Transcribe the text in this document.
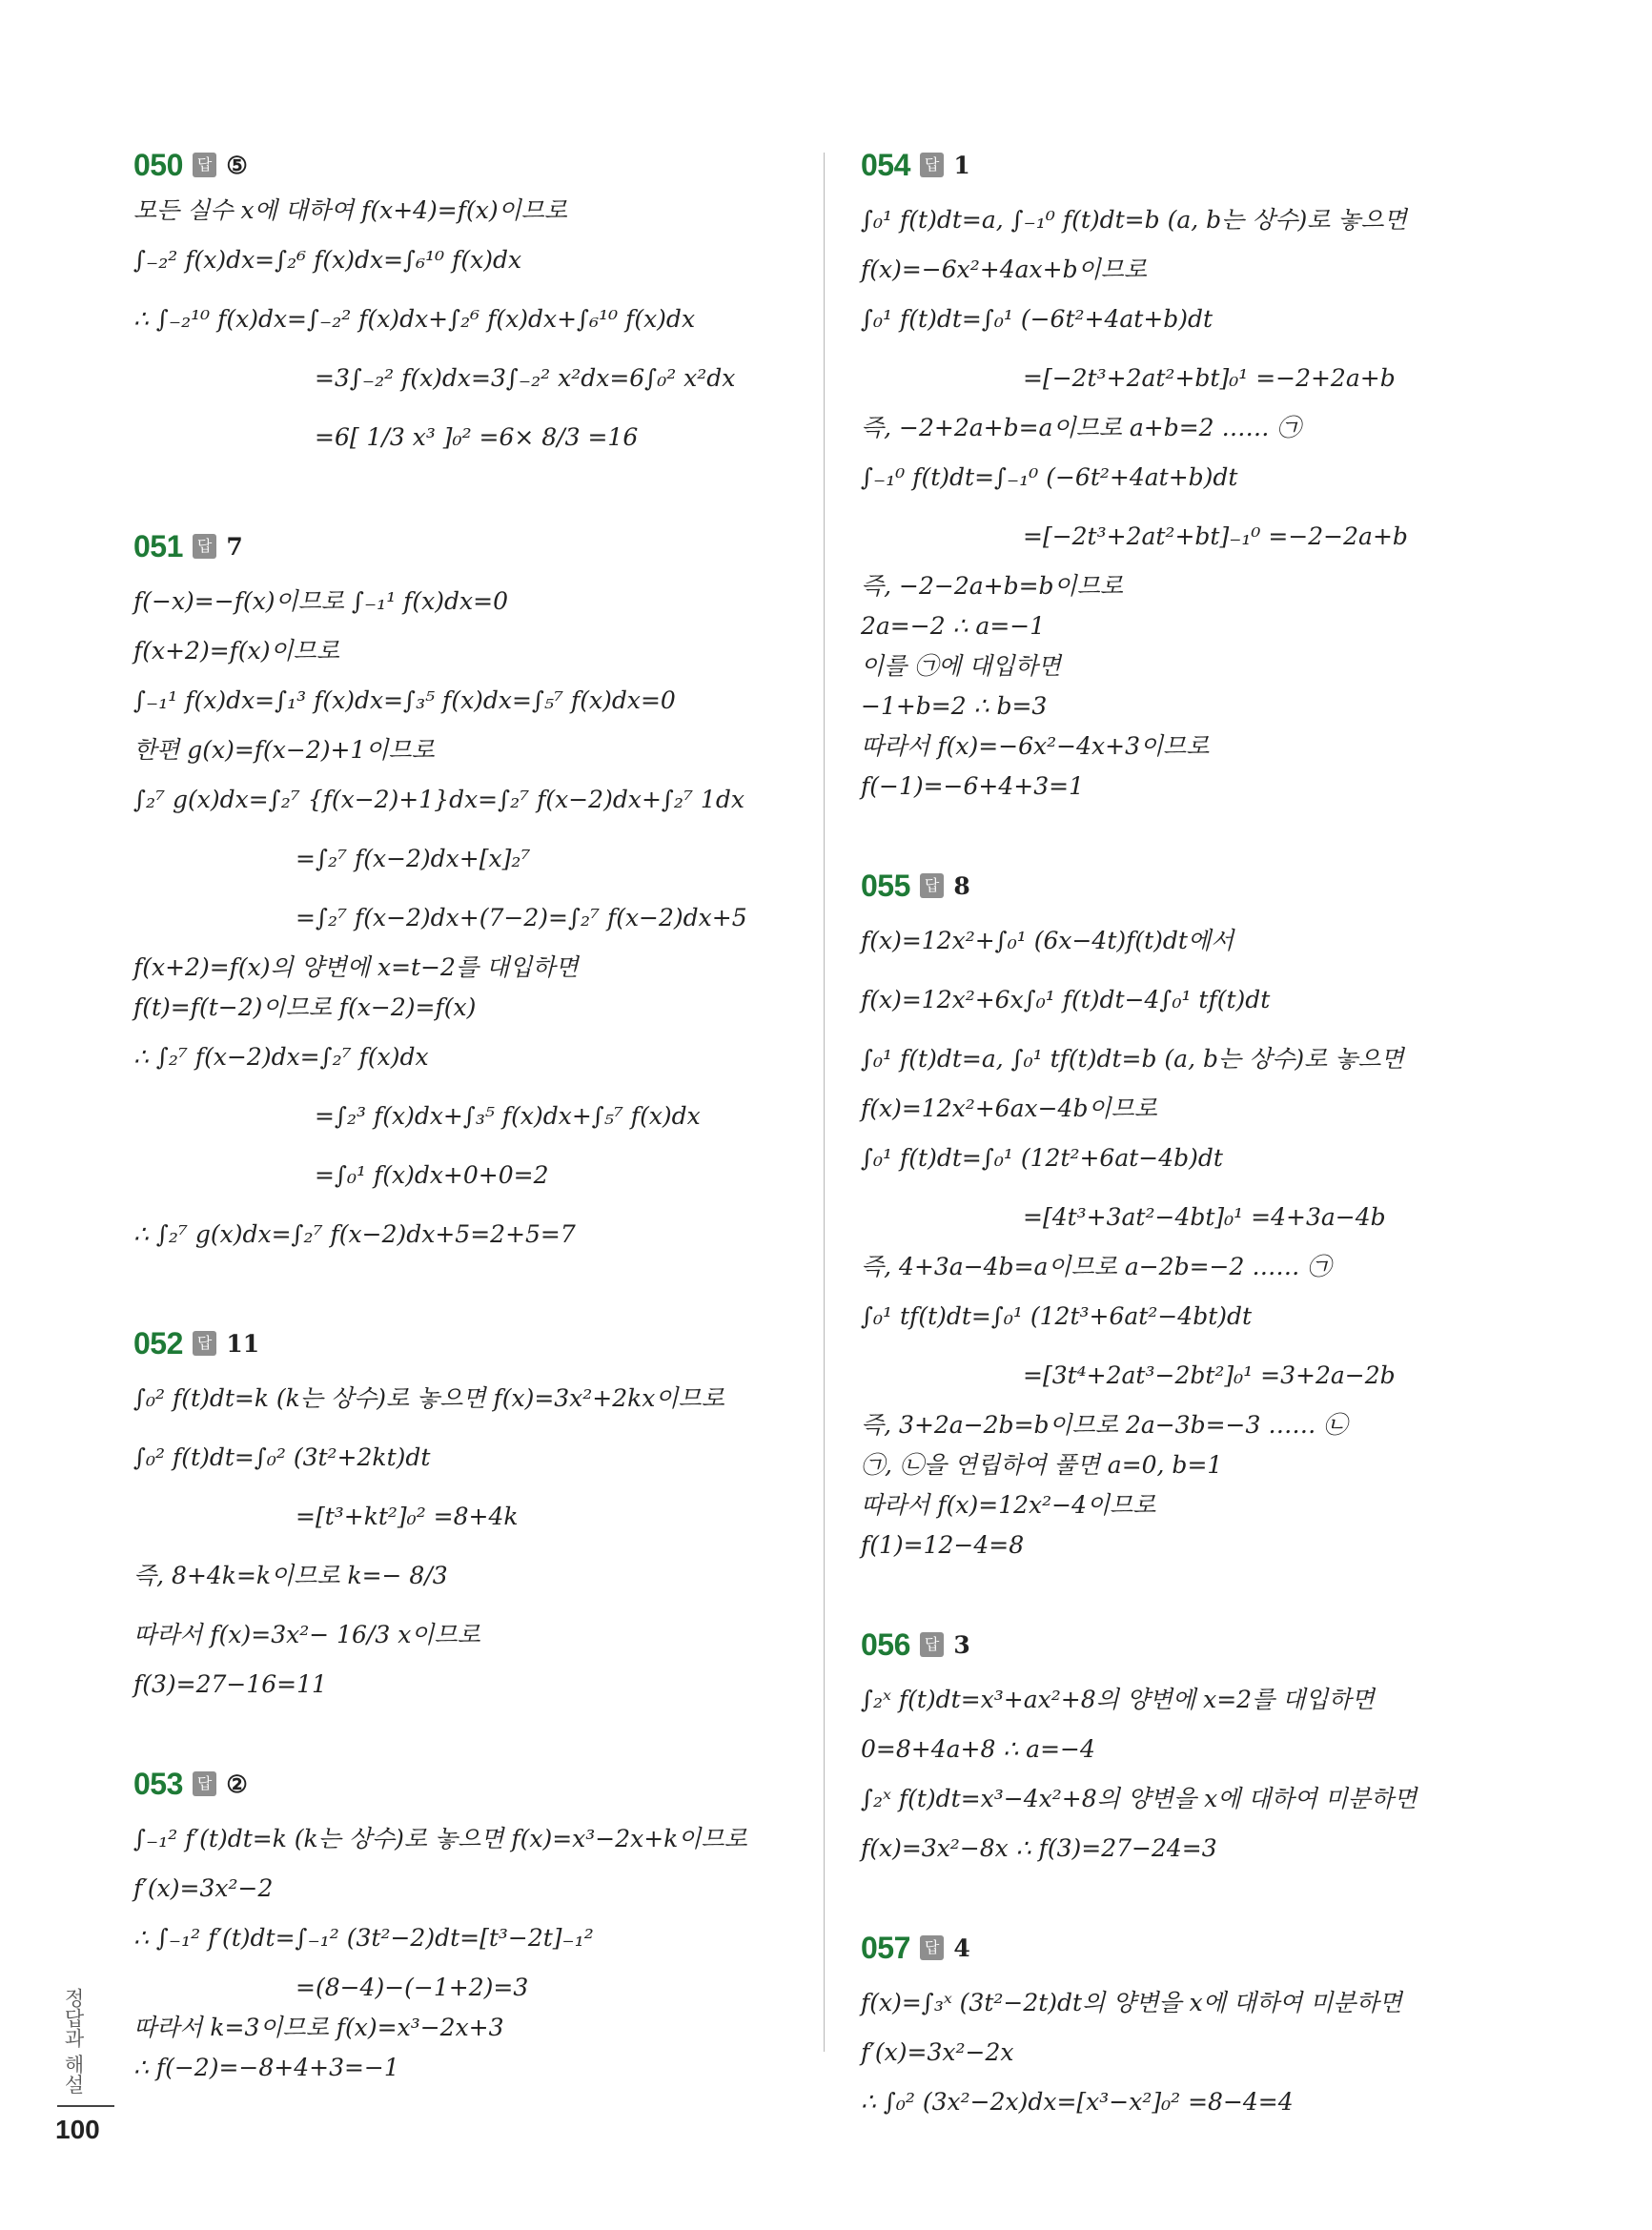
050 답 ⑤
모든 실수 x에 대하여 f(x+4)=f(x)이므로
∫₋₂² f(x)dx=∫₂⁶ f(x)dx=∫₆¹⁰ f(x)dx
∴ ∫₋₂¹⁰ f(x)dx=∫₋₂² f(x)dx+∫₂⁶ f(x)dx+∫₆¹⁰ f(x)dx
=3∫₋₂² f(x)dx=3∫₋₂² x²dx=6∫₀² x²dx
=6[ 1/3 x³ ]₀² =6× 8/3 =16
051 답 7
f(−x)=−f(x)이므로 ∫₋₁¹ f(x)dx=0
f(x+2)=f(x)이므로
∫₋₁¹ f(x)dx=∫₁³ f(x)dx=∫₃⁵ f(x)dx=∫₅⁷ f(x)dx=0
한편 g(x)=f(x−2)+1이므로
∫₂⁷ g(x)dx=∫₂⁷ {f(x−2)+1}dx=∫₂⁷ f(x−2)dx+∫₂⁷ 1dx
=∫₂⁷ f(x−2)dx+[x]₂⁷
=∫₂⁷ f(x−2)dx+(7−2)=∫₂⁷ f(x−2)dx+5
f(x+2)=f(x)의 양변에 x=t−2를 대입하면
f(t)=f(t−2)이므로 f(x−2)=f(x)
∴ ∫₂⁷ f(x−2)dx=∫₂⁷ f(x)dx
=∫₂³ f(x)dx+∫₃⁵ f(x)dx+∫₅⁷ f(x)dx
=∫₀¹ f(x)dx+0+0=2
∴ ∫₂⁷ g(x)dx=∫₂⁷ f(x−2)dx+5=2+5=7
052 답 11
∫₀² f(t)dt=k (k는 상수)로 놓으면 f(x)=3x²+2kx이므로
∫₀² f(t)dt=∫₀² (3t²+2kt)dt
=[t³+kt²]₀² =8+4k
즉, 8+4k=k이므로 k=− 8/3
따라서 f(x)=3x²− 16/3 x이므로
f(3)=27−16=11
053 답 ②
∫₋₁² f′(t)dt=k (k는 상수)로 놓으면 f(x)=x³−2x+k이므로
f′(x)=3x²−2
∴ ∫₋₁² f′(t)dt=∫₋₁² (3t²−2)dt=[t³−2t]₋₁²
=(8−4)−(−1+2)=3
따라서 k=3이므로 f(x)=x³−2x+3
∴ f(−2)=−8+4+3=−1
054 답 1
∫₀¹ f(t)dt=a, ∫₋₁⁰ f(t)dt=b (a, b는 상수)로 놓으면
f(x)=−6x²+4ax+b이므로
∫₀¹ f(t)dt=∫₀¹ (−6t²+4at+b)dt
=[−2t³+2at²+bt]₀¹ =−2+2a+b
즉, −2+2a+b=a이므로 a+b=2 …… ㉠
∫₋₁⁰ f(t)dt=∫₋₁⁰ (−6t²+4at+b)dt
=[−2t³+2at²+bt]₋₁⁰ =−2−2a+b
즉, −2−2a+b=b이므로
2a=−2 ∴ a=−1
이를 ㉠에 대입하면
−1+b=2 ∴ b=3
따라서 f(x)=−6x²−4x+3이므로
f(−1)=−6+4+3=1
055 답 8
f(x)=12x²+∫₀¹ (6x−4t)f(t)dt에서
f(x)=12x²+6x∫₀¹ f(t)dt−4∫₀¹ tf(t)dt
∫₀¹ f(t)dt=a, ∫₀¹ tf(t)dt=b (a, b는 상수)로 놓으면
f(x)=12x²+6ax−4b이므로
∫₀¹ f(t)dt=∫₀¹ (12t²+6at−4b)dt
=[4t³+3at²−4bt]₀¹ =4+3a−4b
즉, 4+3a−4b=a이므로 a−2b=−2 …… ㉠
∫₀¹ tf(t)dt=∫₀¹ (12t³+6at²−4bt)dt
=[3t⁴+2at³−2bt²]₀¹ =3+2a−2b
즉, 3+2a−2b=b이므로 2a−3b=−3 …… ㉡
㉠, ㉡을 연립하여 풀면 a=0, b=1
따라서 f(x)=12x²−4이므로
f(1)=12−4=8
056 답 3
∫₂ˣ f(t)dt=x³+ax²+8의 양변에 x=2를 대입하면
0=8+4a+8 ∴ a=−4
∫₂ˣ f(t)dt=x³−4x²+8의 양변을 x에 대하여 미분하면
f(x)=3x²−8x ∴ f(3)=27−24=3
057 답 4
f(x)=∫₃ˣ (3t²−2t)dt의 양변을 x에 대하여 미분하면
f′(x)=3x²−2x
∴ ∫₀² (3x²−2x)dx=[x³−x²]₀² =8−4=4
정답과 해설
100
